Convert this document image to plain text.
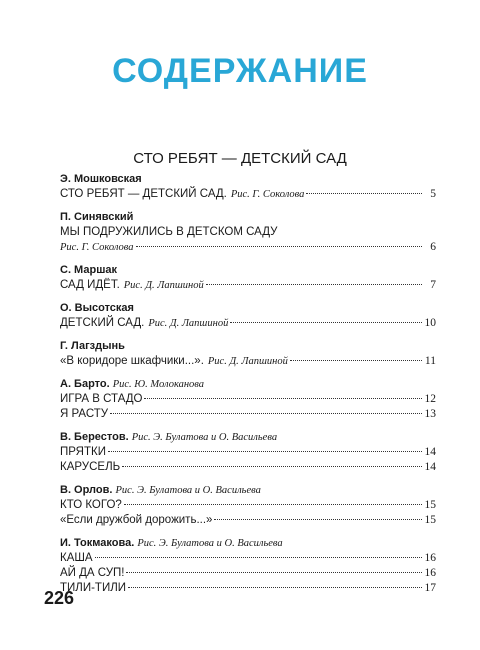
СОДЕРЖАНИЕ
СТО РЕБЯТ — ДЕТСКИЙ САД
Э. Мошковская
СТО РЕБЯТ — ДЕТСКИЙ САД. Рис. Г. Соколова	5
П. Синявский
МЫ ПОДРУЖИЛИСЬ В ДЕТСКОМ САДУ
Рис. Г. Соколова	6
С. Маршак
САД ИДЁТ. Рис. Д. Лапшиной	7
О. Высотская
ДЕТСКИЙ САД. Рис. Д. Лапшиной	10
Г. Лагздынь
«В коридоре шкафчики...». Рис. Д. Лапшиной	11
А. Барто. Рис. Ю. Молоканова
ИГРА В СТАДО	12
Я РАСТУ	13
В. Берестов. Рис. Э. Булатова и О. Васильева
ПРЯТКИ	14
КАРУСЕЛЬ	14
В. Орлов. Рис. Э. Булатова и О. Васильева
КТО КОГО?	15
«Если дружбой дорожить...»	15
И. Токмакова. Рис. Э. Булатова и О. Васильева
КАША	16
АЙ ДА СУП!	16
ТИЛИ-ТИЛИ	17
226
